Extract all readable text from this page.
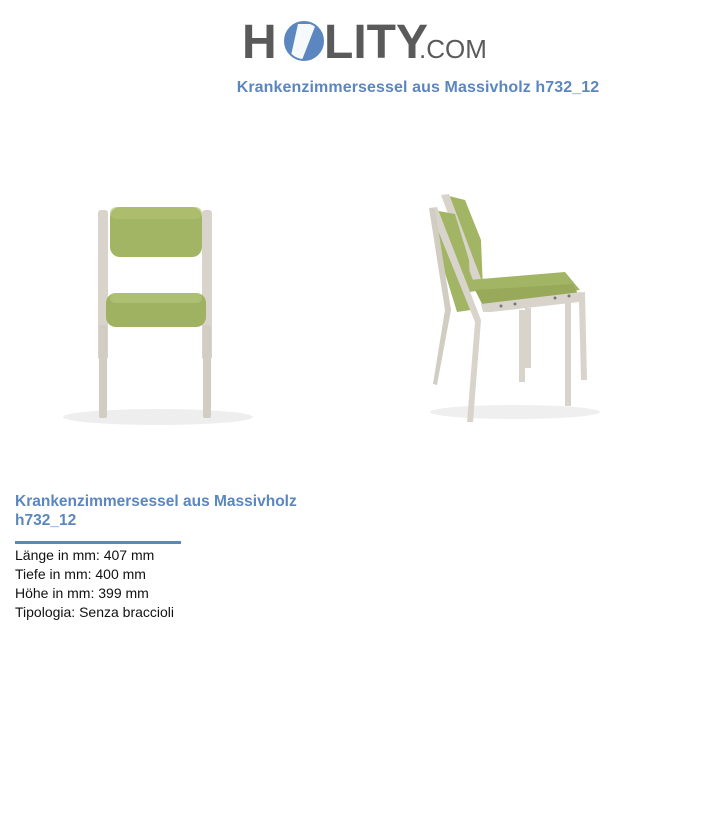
H LITY
.COM
Krankenzimmersessel aus Massivholz h732_12
Krankenzimmersessel aus Massivholz
h732_12
Länge in mm: 407 mm
Tiefe in mm: 400 mm
Höhe in mm: 399 mm
Tipologia: Senza braccioli
